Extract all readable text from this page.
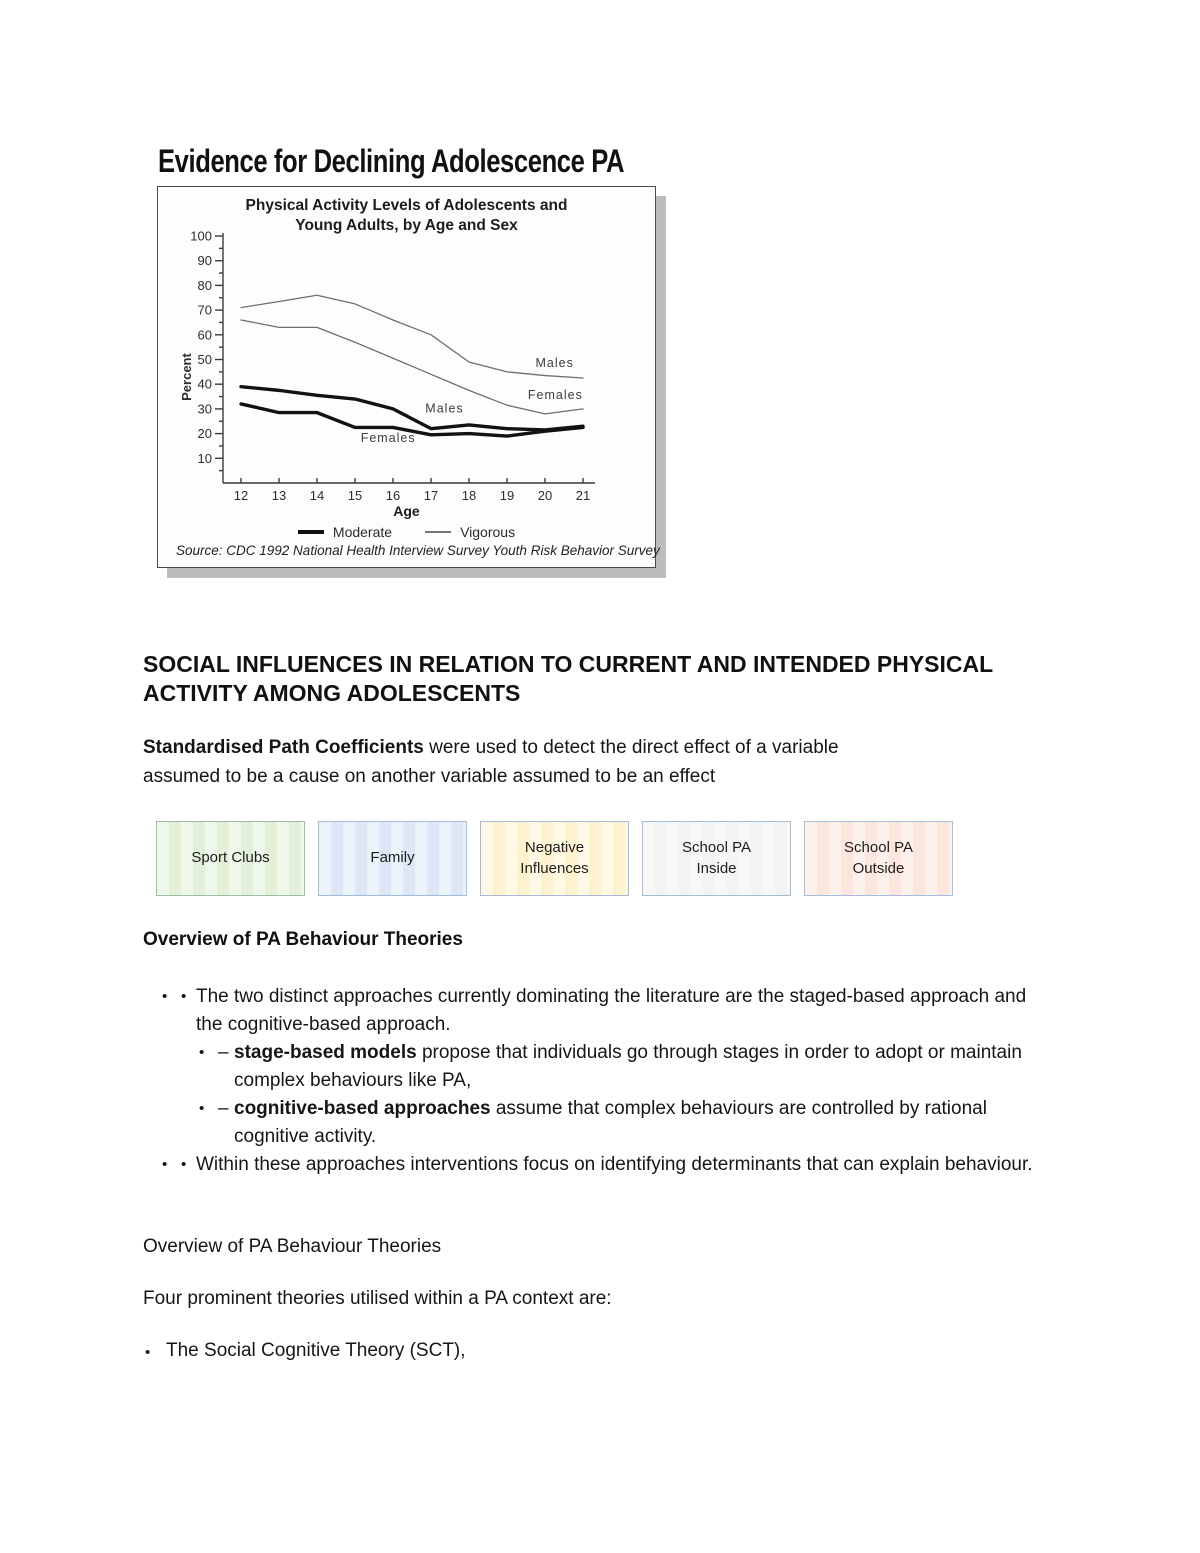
Evidence for Declining Adolescence PA
Physical Activity Levels of Adolescents and
Young Adults, by Age and Sex
10
20
30
40
50
60
70
80
90
100
12 13 14 15 16 17 18 19 20 21
Percent	Males
Females
Males
Females
Age
Moderate	Vigorous
Source: CDC 1992 National Health Interview Survey Youth Risk Behavior Survey
SOCIAL INFLUENCES IN RELATION TO CURRENT AND INTENDED PHYSICAL
ACTIVITY AMONG ADOLESCENTS

Standardised Path Coefficients were used to detect the direct effect of a variable
assumed to be a cause on another variable assumed to be an effect

Sport Clubs	Family
Negative Influences
School PA Inside
School PA Outside
Overview of PA Behaviour Theories
• • The two distinct approaches currently dominating the literature are the staged-based approach and the cognitive-based approach.
• – stage-based models propose that individuals go through stages in order to adopt or maintain complex behaviours like PA,
• – cognitive-based approaches assume that complex behaviours are controlled by rational cognitive activity.
• • Within these approaches interventions focus on identifying determinants that can explain behaviour.

Overview of PA Behaviour Theories

Four prominent theories utilised within a PA context are:

• The Social Cognitive Theory (SCT),
